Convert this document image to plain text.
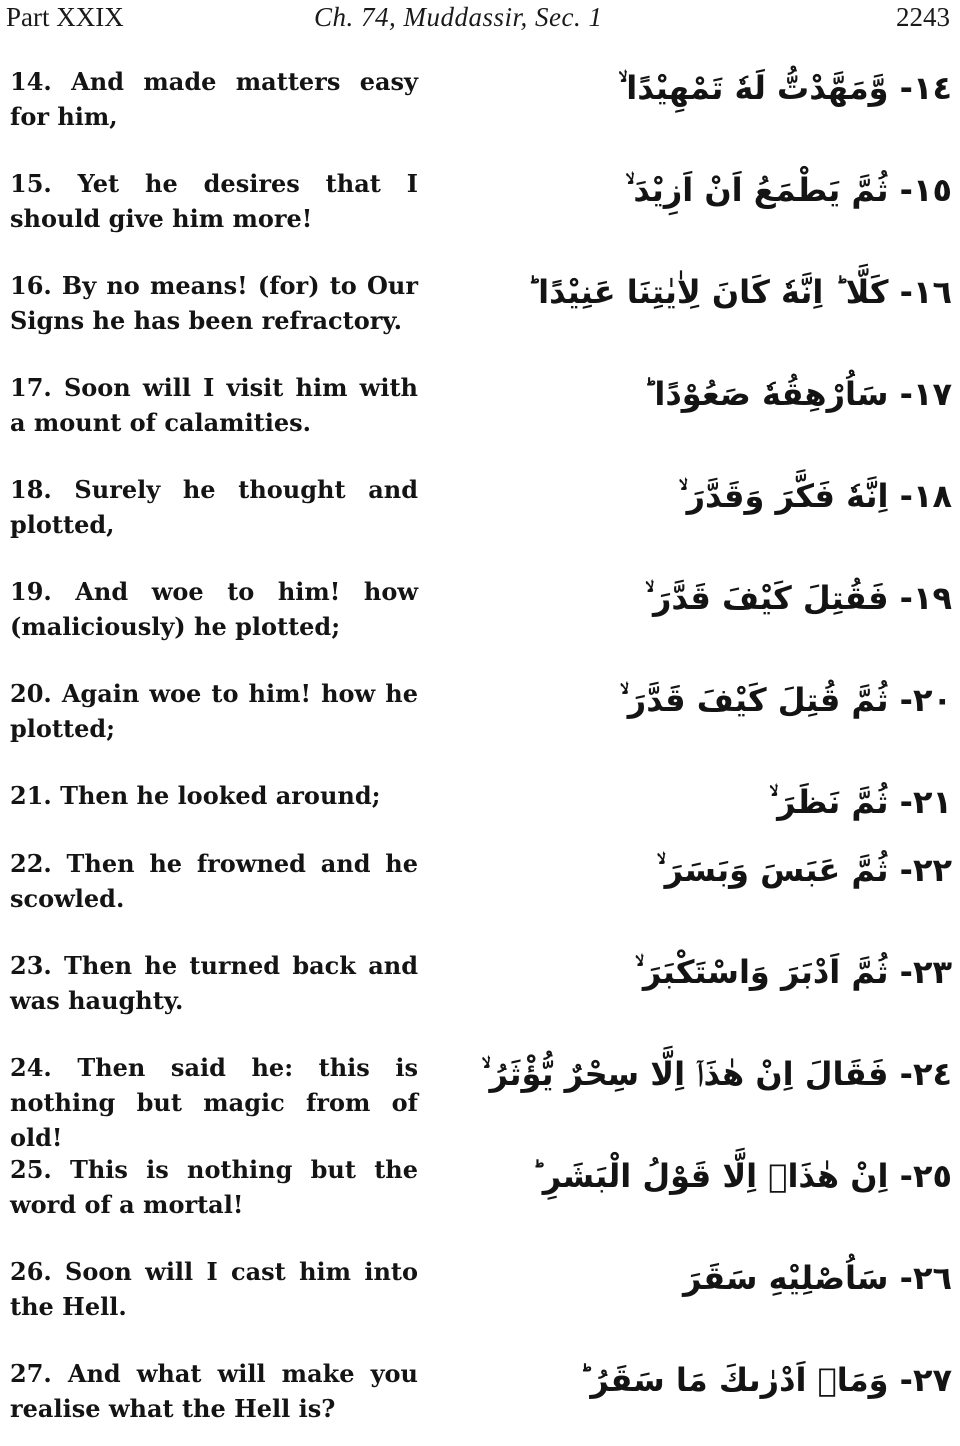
Part XXIX	Ch. 74, Muddassir, Sec. 1	2243
14. And made matters easy for him,
١٤- وَّمَهَّدْتُّ لَهٗ تَمْهِيْدًا ۙ
15. Yet he desires that I should give him more!
١٥- ثُمَّ يَطْمَعُ اَنْ اَزِيْدَ ۙ
16. By no means! (for) to Our Signs he has been refractory.
١٦- كَلَّا ؕ اِنَّهٗ كَانَ لِاٰيٰتِنَا عَنِيْدًا ؕ
17. Soon will I visit him with a mount of calamities.
١٧- سَاُرْهِقُهٗ صَعُوْدًا ؕ
18. Surely he thought and plotted,
١٨- اِنَّهٗ فَكَّرَ وَقَدَّرَ ۙ
19. And woe to him! how (maliciously) he plotted;
١٩- فَقُتِلَ كَيْفَ قَدَّرَ ۙ
20. Again woe to him! how he plotted;
٢٠- ثُمَّ قُتِلَ كَيْفَ قَدَّرَ ۙ
21. Then he looked around;	٢١- ثُمَّ نَظَرَ ۙ
22. Then he frowned and he scowled.
٢٢- ثُمَّ عَبَسَ وَبَسَرَ ۙ
23. Then he turned back and was haughty.
٢٣- ثُمَّ اَدْبَرَ وَاسْتَكْبَرَ ۙ
24. Then said he: this is nothing but magic from of old!
٢٤- فَقَالَ اِنْ هٰذَاۤ اِلَّا سِحْرٌ يُّؤْثَرُ ۙ
25. This is nothing but the word of a mortal!
٢٥- اِنْ هٰذَاۤ اِلَّا قَوْلُ الْبَشَرِ ؕ
26. Soon will I cast him into the Hell.
٢٦- سَاُصْلِيْهِ سَقَرَ
27. And what will make you realise what the Hell is?
٢٧- وَمَاۤ اَدْرٰىكَ مَا سَقَرُ ؕ
